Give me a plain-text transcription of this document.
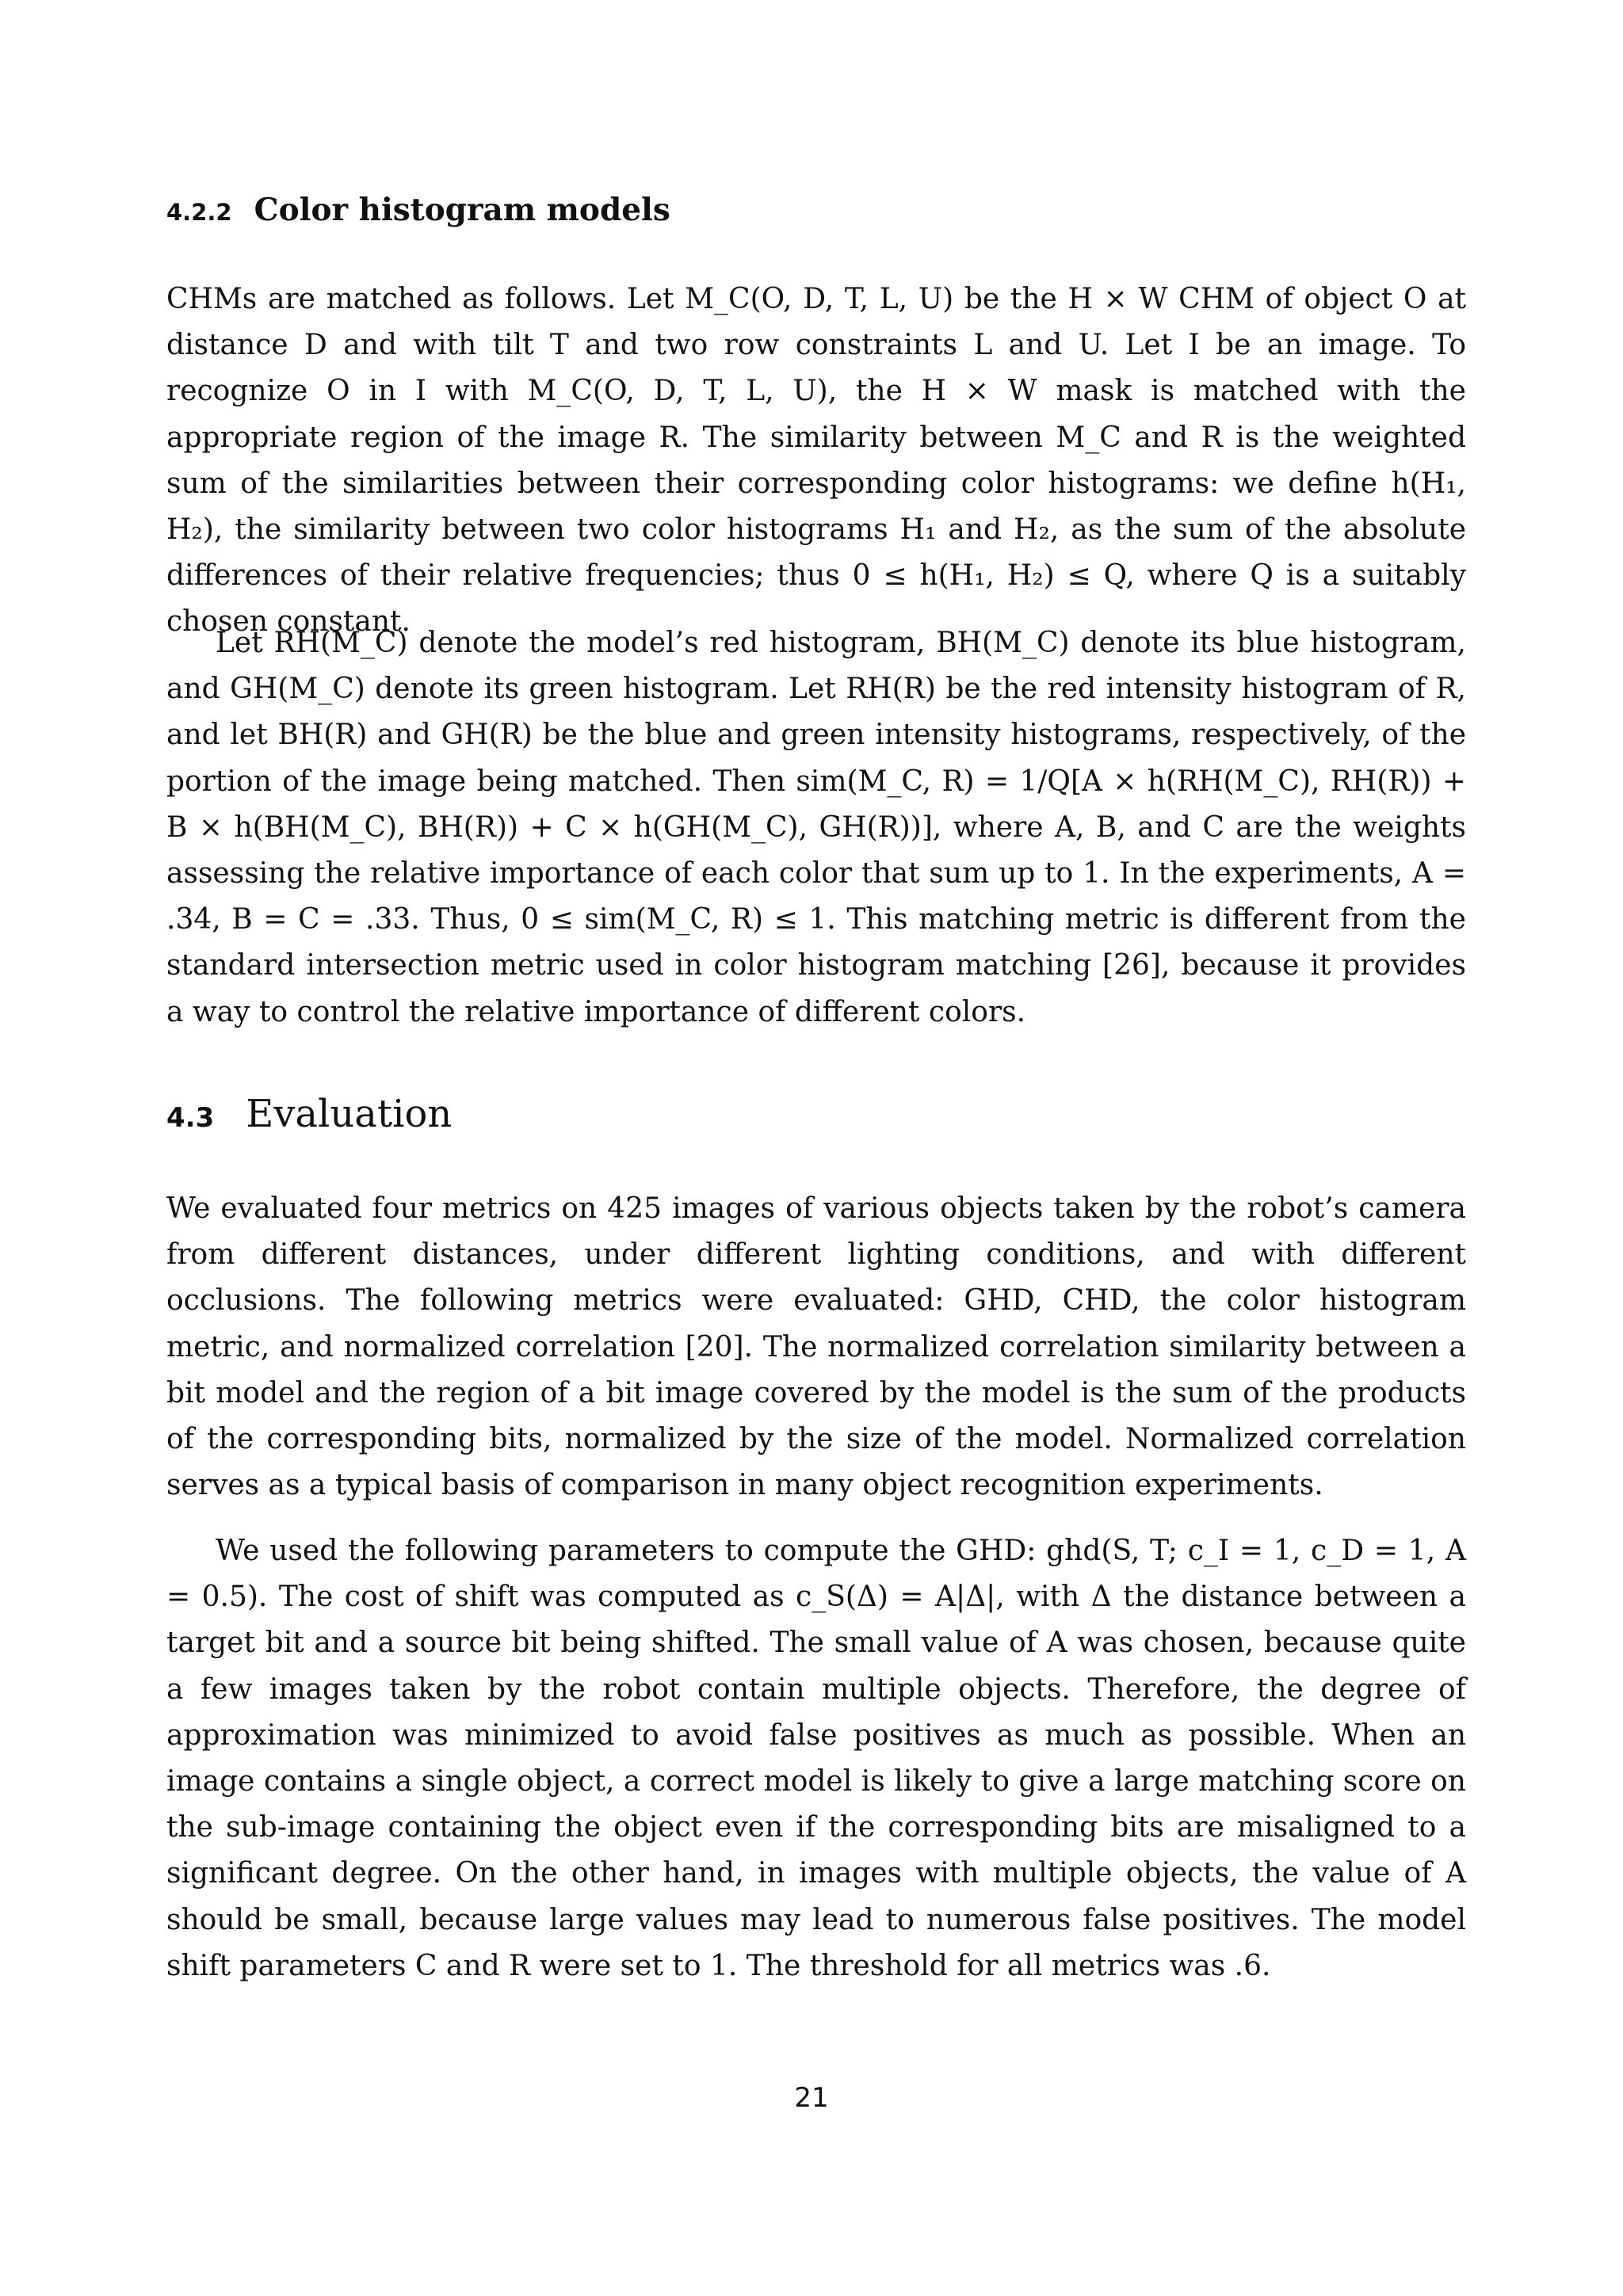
4.2.2 Color histogram models

CHMs are matched as follows. Let M_C(O, D, T, L, U) be the H × W CHM of object O at distance D and with tilt T and two row constraints L and U. Let I be an image. To recognize O in I with M_C(O, D, T, L, U), the H × W mask is matched with the appropriate region of the image R. The similarity between M_C and R is the weighted sum of the similarities between their corresponding color histograms: we define h(H₁, H₂), the similarity between two color histograms H₁ and H₂, as the sum of the absolute differences of their relative frequencies; thus 0 ≤ h(H₁, H₂) ≤ Q, where Q is a suitably chosen constant.

Let RH(M_C) denote the model’s red histogram, BH(M_C) denote its blue histogram, and GH(M_C) denote its green histogram. Let RH(R) be the red intensity histogram of R, and let BH(R) and GH(R) be the blue and green intensity histograms, respectively, of the portion of the image being matched. Then sim(M_C, R) = 1/Q[A × h(RH(M_C), RH(R)) + B × h(BH(M_C), BH(R)) + C × h(GH(M_C), GH(R))], where A, B, and C are the weights assessing the relative importance of each color that sum up to 1. In the experiments, A = .34, B = C = .33. Thus, 0 ≤ sim(M_C, R) ≤ 1. This matching metric is different from the standard intersection metric used in color histogram matching [26], because it provides a way to control the relative importance of different colors.

4.3 Evaluation

We evaluated four metrics on 425 images of various objects taken by the robot’s camera from different distances, under different lighting conditions, and with different occlusions. The following metrics were evaluated: GHD, CHD, the color histogram metric, and normalized correlation [20]. The normalized correlation similarity between a bit model and the region of a bit image covered by the model is the sum of the products of the corresponding bits, normalized by the size of the model. Normalized correlation serves as a typical basis of comparison in many object recognition experiments.

We used the following parameters to compute the GHD: ghd(S, T; c_I = 1, c_D = 1, A = 0.5). The cost of shift was computed as c_S(Δ) = A|Δ|, with Δ the distance between a target bit and a source bit being shifted. The small value of A was chosen, because quite a few images taken by the robot contain multiple objects. Therefore, the degree of approximation was minimized to avoid false positives as much as possible. When an image contains a single object, a correct model is likely to give a large matching score on the sub-image containing the object even if the corresponding bits are misaligned to a significant degree. On the other hand, in images with multiple objects, the value of A should be small, because large values may lead to numerous false positives. The model shift parameters C and R were set to 1. The threshold for all metrics was .6.

21
